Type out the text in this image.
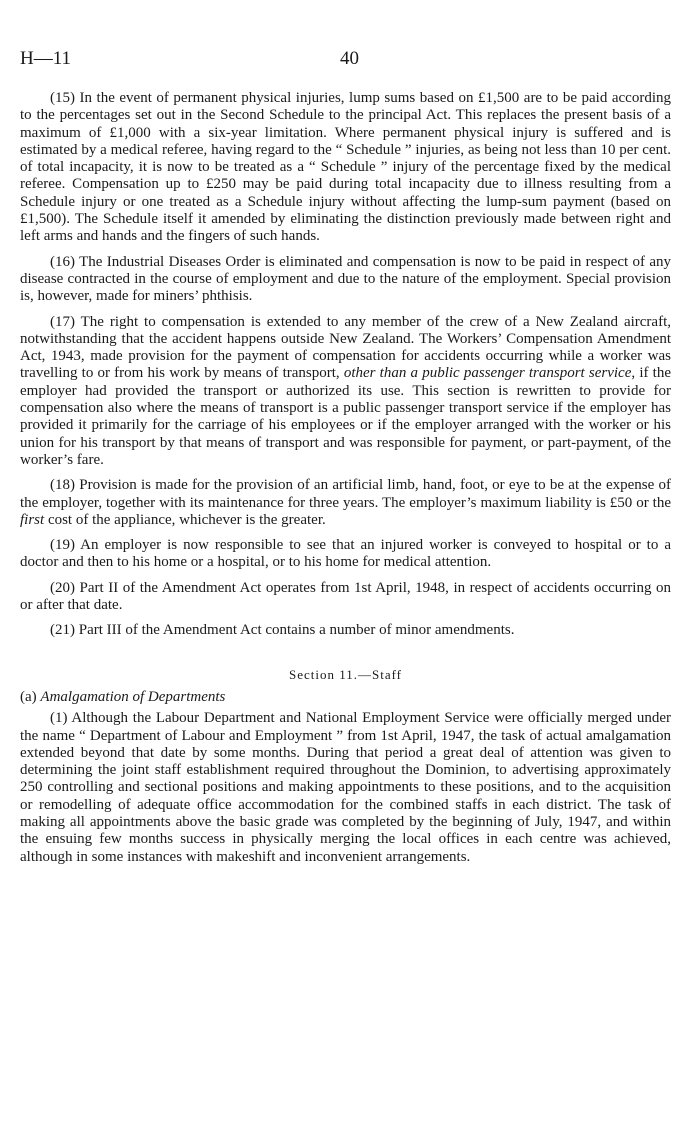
H—11	40

(15) In the event of permanent physical injuries, lump sums based on £1,500 are to be paid according to the percentages set out in the Second Schedule to the principal Act. This replaces the present basis of a maximum of £1,000 with a six-year limitation. Where permanent physical injury is suffered and is estimated by a medical referee, having regard to the “ Schedule ” injuries, as being not less than 10 per cent. of total incapacity, it is now to be treated as a “ Schedule ” injury of the percentage fixed by the medical referee. Compensation up to £250 may be paid during total incapacity due to illness resulting from a Schedule injury or one treated as a Schedule injury without affecting the lump-sum payment (based on £1,500). The Schedule itself it amended by eliminating the distinction previously made between right and left arms and hands and the fingers of such hands.

(16) The Industrial Diseases Order is eliminated and compensation is now to be paid in respect of any disease contracted in the course of employment and due to the nature of the employment. Special provision is, however, made for miners’ phthisis.

(17) The right to compensation is extended to any member of the crew of a New Zealand aircraft, notwithstanding that the accident happens outside New Zealand. The Workers’ Compensation Amendment Act, 1943, made provision for the payment of compensation for accidents occurring while a worker was travelling to or from his work by means of transport, other than a public passenger transport service, if the employer had provided the transport or authorized its use. This section is rewritten to provide for compensation also where the means of transport is a public passenger transport service if the employer has provided it primarily for the carriage of his employees or if the employer arranged with the worker or his union for his transport by that means of transport and was responsible for payment, or part-payment, of the worker’s fare.

(18) Provision is made for the provision of an artificial limb, hand, foot, or eye to be at the expense of the employer, together with its maintenance for three years. The employer’s maximum liability is £50 or the first cost of the appliance, whichever is the greater.

(19) An employer is now responsible to see that an injured worker is conveyed to hospital or to a doctor and then to his home or a hospital, or to his home for medical attention.

(20) Part II of the Amendment Act operates from 1st April, 1948, in respect of accidents occurring on or after that date.

(21) Part III of the Amendment Act contains a number of minor amendments.

Section 11.—Staff
(a) Amalgamation of Departments

(1) Although the Labour Department and National Employment Service were officially merged under the name “ Department of Labour and Employment ” from 1st April, 1947, the task of actual amalgamation extended beyond that date by some months. During that period a great deal of attention was given to determining the joint staff establishment required throughout the Dominion, to advertising approximately 250 controlling and sectional positions and making appointments to these positions, and to the acquisition or remodelling of adequate office accommodation for the combined staffs in each district. The task of making all appointments above the basic grade was completed by the beginning of July, 1947, and within the ensuing few months success in physically merging the local offices in each centre was achieved, although in some instances with makeshift and inconvenient arrangements.
